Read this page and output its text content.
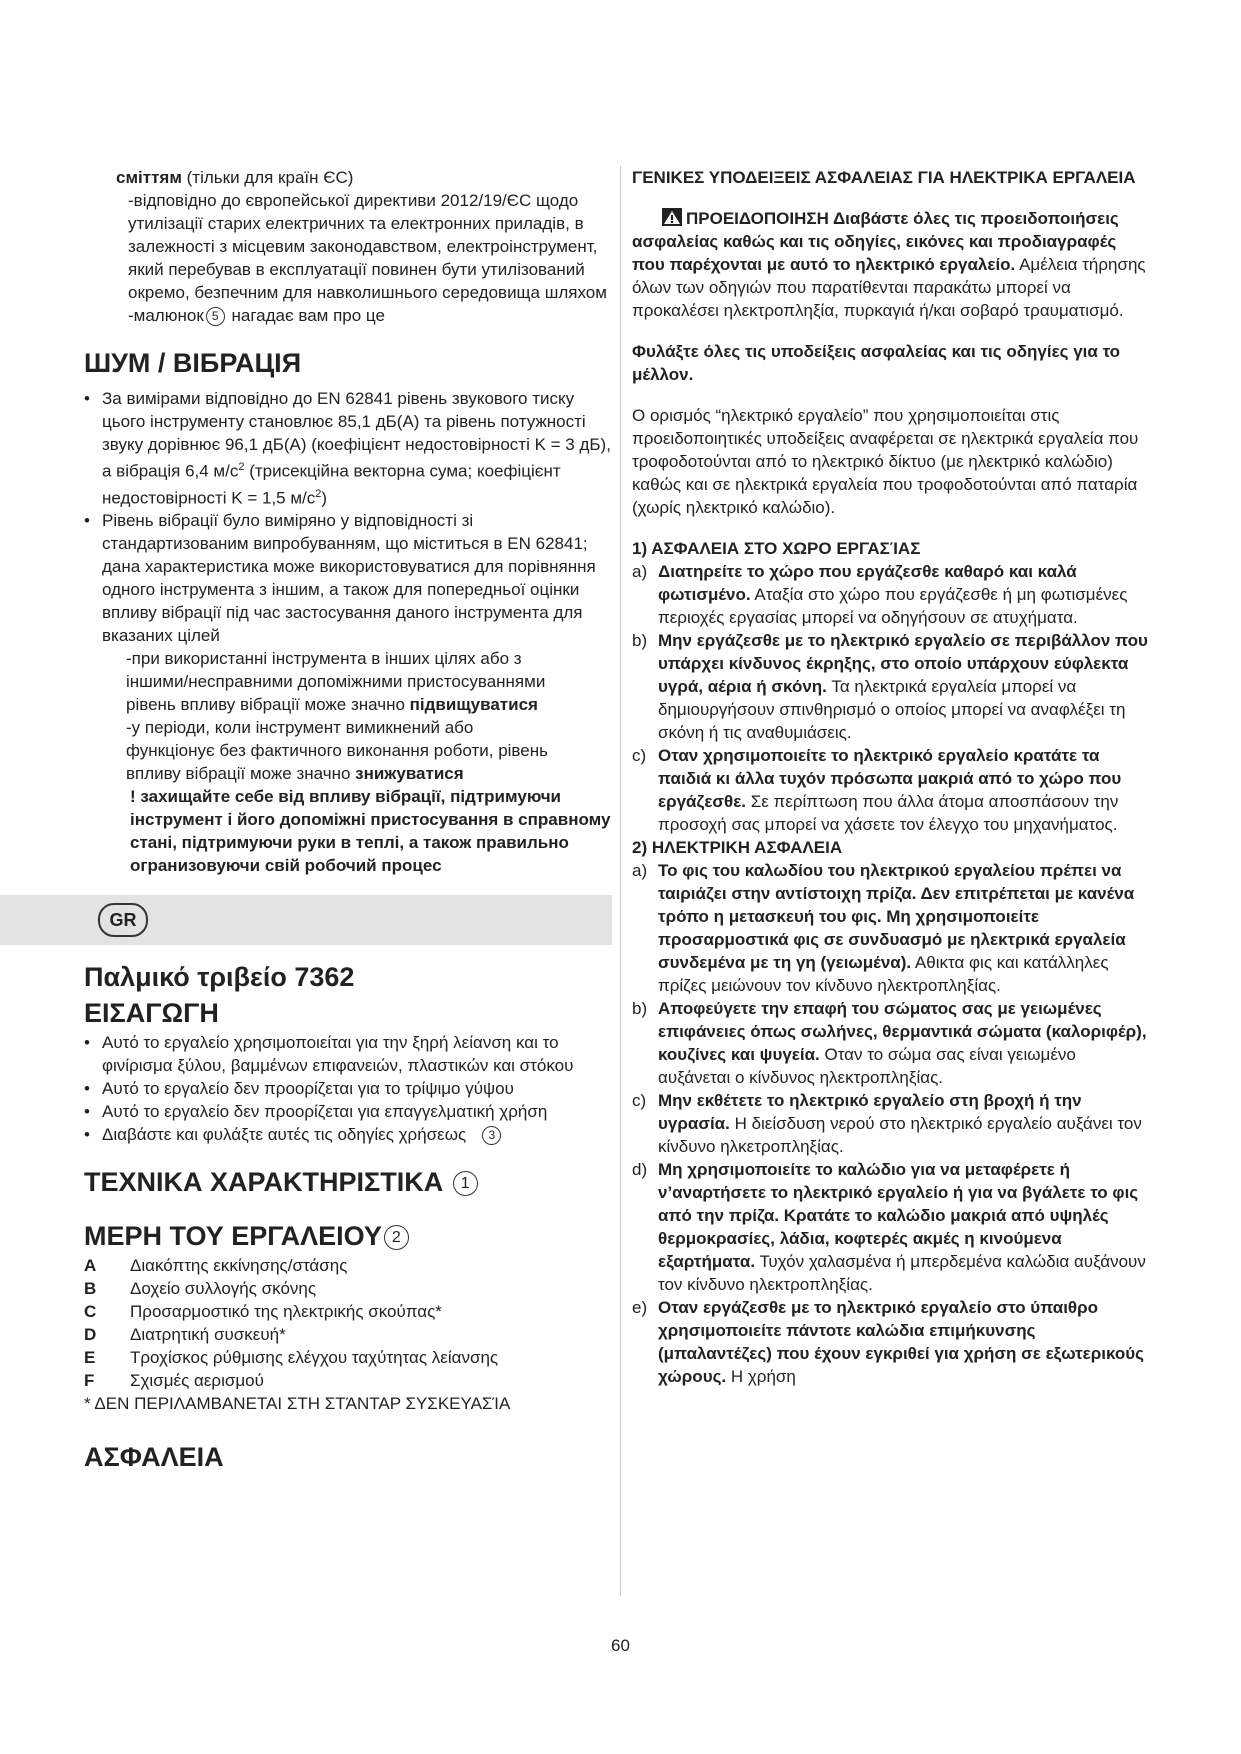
сміттям (тільки для країн ЄС)

-відповідно до європейської директиви 2012/19/ЄС щодо утилізації старих електричних та електронних приладів, в залежності з місцевим законодавством, електроінструмент, який перебував в експлуатації повинен бути утилізований окремо, безпечним для навколишнього середовища шляхом

-малюнок 5 нагадає вам про це

ШУМ / ВІБРАЦІЯ

• За вимірами відповідно до EN 62841 рівень звукового тиску цього інструменту становлює 85,1 дБ(А) та рівень потужності звуку дорівнює 96,1 дБ(А) (коефіцієнт недостовірності K = 3 дБ), а вібрація 6,4 $м/с^2$ (трисекційна векторна сума; коефіцієнт недостовірності K = 1,5 $м/с^2$)

• Рівень вібрації було виміряно у відповідності зі стандартизованим випробуванням, що міститься в EN 62841; дана характеристика може використовуватися для порівняння одного інструмента з іншим, а також для попередньої оцінки впливу вібрації під час застосування даного інструмента для вказаних цілей

-при використанні інструмента в інших цілях або з іншими/несправними допоміжними пристосуваннями рівень впливу вібрації може значно підвищуватися

-у періоди, коли інструмент вимикнений або функціонує без фактичного виконання роботи, рівень впливу вібрації може значно знижуватися

! захищайте себе від впливу вібрації, підтримуючи інструмент і його допоміжні пристосування в справному стані, підтримуючи руки в теплі, а також правильно огранизовуючи свій робочий процес

GR

Παλμικό τριβείο 7362

ΕΙΣΑΓΩΓΗ

• Αυτό το εργαλείο χρησιμοποιείται για την ξηρή λείανση και το φινίρισμα ξύλου, βαμμένων επιφανειών, πλαστικών και στόκου

• Αυτό το εργαλείο δεν προορίζεται για το τρίψιμο γύψου

• Αυτό το εργαλείο δεν προορίζεται για επαγγελματική χρήση

• Διαβάστε και φυλάξτε αυτές τις οδηγίες χρήσεως 3

ΤΕΧΝΙΚΑ ΧΑΡΑΚΤΗΡΙΣΤΙΚΑ 1

ΜΕΡΗ ΤΟΥ ΕΡΓΑΛΕΙΟΥ 2

A	Διακόπτης εκκίνησης/στάσης
B	Δοχείο συλλογής σκόνης
C	Προσαρμοστικό της ηλεκτρικής σκούπας*
D	Διατρητική συσκευή*
E	Τροχίσκος ρύθμισης ελέγχου ταχύτητας λείανσης
F	Σχισμές αερισμού

* ΔΕΝ ΠΕΡΙΛΑΜΒΑΝΕΤΑΙ ΣΤΗ ΣΤΆΝΤΑΡ ΣΥΣΚΕΥΑΣΊΑ

ΑΣΦΑΛΕΙΑ

ΓΕΝΙΚΕΣ ΥΠΟΔΕΙΞΕΙΣ ΑΣΦΑΛΕΙΑΣ ΓΙΑ ΗΛΕΚΤΡΙΚΑ ΕΡΓΑΛΕΙΑ

ΠΡΟΕΙΔΟΠΟΙΗΣΗ Διαβάστε όλες τις προειδοποιήσεις ασφαλείας καθώς και τις οδηγίες, εικόνες και προδιαγραφές που παρέχονται με αυτό το ηλεκτρικό εργαλείο. Αμέλεια τήρησης όλων των οδηγιών που παρατίθενται παρακάτω μπορεί να προκαλέσει ηλεκτροπληξία, πυρκαγιά ή/και σοβαρό τραυματισμό.

Φυλάξτε όλες τις υποδείξεις ασφαλείας και τις οδηγίες για το μέλλον.

Ο ορισμός “ηλεκτρικό εργαλείο” που χρησιμοποιείται στις προειδοποιητικές υποδείξεις αναφέρεται σε ηλεκτρικά εργαλεία που τροφοδοτούνται από το ηλεκτρικό δίκτυο (με ηλεκτρικό καλώδιο) καθώς και σε ηλεκτρικά εργαλεία που τροφοδοτούνται από παταρία (χωρίς ηλεκτρικό καλώδιο).

1) ΑΣΦΑΛΕΙΑ ΣΤΟ ΧΩΡΟ ΕΡΓΑΣΊΑΣ

a) Διατηρείτε το χώρο που εργάζεσθε καθαρό και καλά φωτισμένο. Αταξία στο χώρο που εργάζεσθε ή μη φωτισμένες περιοχές εργασίας μπορεί να οδηγήσουν σε ατυχήματα.
b) Μην εργάζεσθε με το ηλεκτρικό εργαλείο σε περιβάλλον που υπάρχει κίνδυνος έκρηξης, στο οποίο υπάρχουν εύφλεκτα υγρά, αέρια ή σκόνη. Τα ηλεκτρικά εργαλεία μπορεί να δημιουργήσουν σπινθηρισμό ο οποίος μπορεί να αναφλέξει τη σκόνη ή τις αναθυμιάσεις.
c) Οταν χρησιμοποιείτε το ηλεκτρικό εργαλείο κρατάτε τα παιδιά κι άλλα τυχόν πρόσωπα μακριά από το χώρο που εργάζεσθε. Σε περίπτωση που άλλα άτομα αποσπάσουν την προσοχή σας μπορεί να χάσετε τον έλεγχο του μηχανήματος.

2) ΗΛΕΚΤΡΙΚΗ ΑΣΦΑΛΕΙΑ

a) Το φις του καλωδίου του ηλεκτρικού εργαλείου πρέπει να ταιριάζει στην αντίστοιχη πρίζα. Δεν επιτρέπεται με κανένα τρόπο η μετασκευή του φις. Μη χρησιμοποιείτε προσαρμοστικά φις σε συνδυασμό με ηλεκτρικά εργαλεία συνδεμένα με τη γη (γειωμένα). Αθικτα φις και κατάλληλες πρίζες μειώνουν τον κίνδυνο ηλεκτροπληξίας.
b) Αποφεύγετε την επαφή του σώματος σας με γειωμένες επιφάνειες όπως σωλήνες, θερμαντικά σώματα (καλοριφέρ), κουζίνες και ψυγεία. Οταν το σώμα σας είναι γειωμένο αυξάνεται ο κίνδυνος ηλεκτροπληξίας.
c) Μην εκθέτετε το ηλεκτρικό εργαλείο στη βροχή ή την υγρασία. Η διείσδυση νερού στο ηλεκτρικό εργαλείο αυξάνει τον κίνδυνο ηλκετροπληξίας.
d) Μη χρησιμοποιείτε το καλώδιο για να μεταφέρετε ή ν’αναρτήσετε το ηλεκτρικό εργαλείο ή για να βγάλετε το φις από την πρίζα. Κρατάτε το καλώδιο μακριά από υψηλές θερμοκρασίες, λάδια, κοφτερές ακμές η κινούμενα εξαρτήματα. Τυχόν χαλασμένα ή μπερδεμένα καλώδια αυξάνουν τον κίνδυνο ηλεκτροπληξίας.
e) Οταν εργάζεσθε με το ηλεκτρικό εργαλείο στο ύπαιθρο χρησιμοποιείτε πάντοτε καλώδια επιμήκυνσης (μπαλαντέζες) που έχουν εγκριθεί για χρήση σε εξωτερικούς χώρους. Η χρήση
60
